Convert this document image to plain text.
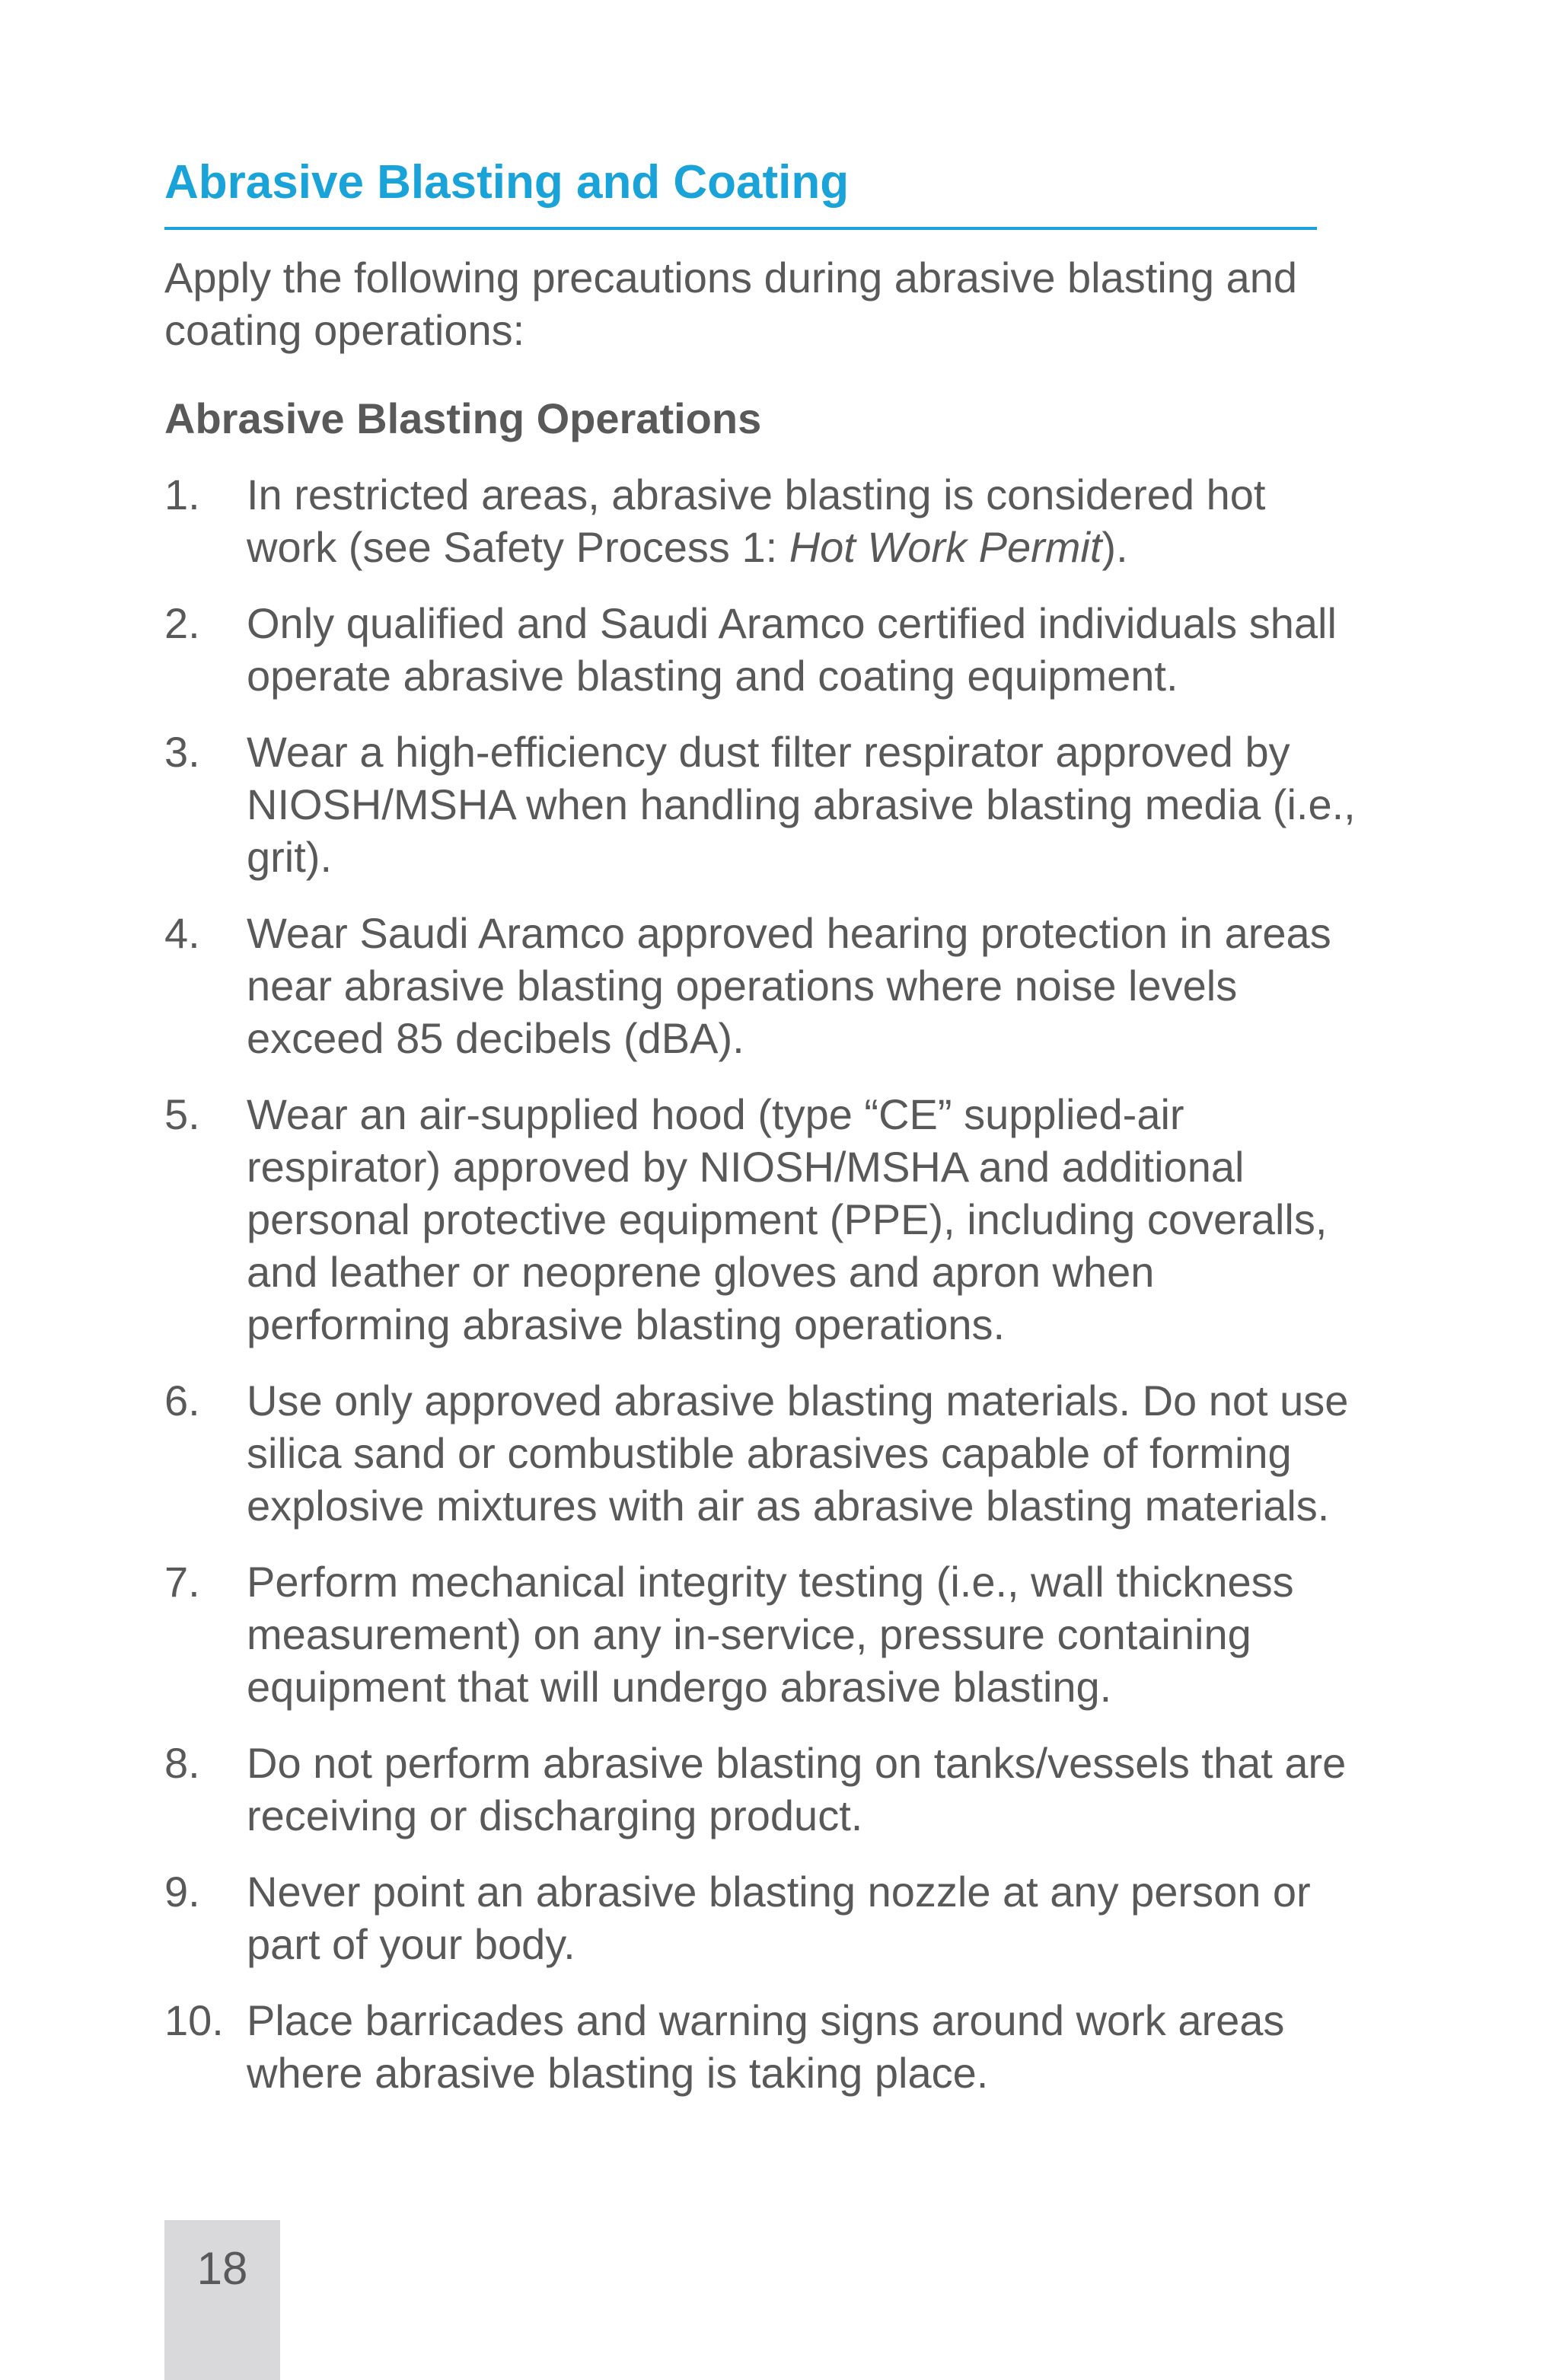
Abrasive Blasting and Coating

Apply the following precautions during abrasive blasting and coating operations:

Abrasive Blasting Operations
1. In restricted areas, abrasive blasting is considered hot work (see Safety Process 1: Hot Work Permit).
2. Only qualified and Saudi Aramco certified individuals shall operate abrasive blasting and coating equipment.
3. Wear a high-efficiency dust filter respirator approved by NIOSH/MSHA when handling abrasive blasting media (i.e., grit).
4. Wear Saudi Aramco approved hearing protection in areas near abrasive blasting operations where noise levels exceed 85 decibels (dBA).
5. Wear an air-supplied hood (type “CE” supplied-air respirator) approved by NIOSH/MSHA and additional personal protective equipment (PPE), including coveralls, and leather or neoprene gloves and apron when performing abrasive blasting operations.
6. Use only approved abrasive blasting materials. Do not use silica sand or combustible abrasives capable of forming explosive mixtures with air as abrasive blasting materials.
7. Perform mechanical integrity testing (i.e., wall thickness measurement) on any in-service, pressure containing equipment that will undergo abrasive blasting.
8. Do not perform abrasive blasting on tanks/vessels that are receiving or discharging product.
9. Never point an abrasive blasting nozzle at any person or part of your body.
10. Place barricades and warning signs around work areas where abrasive blasting is taking place.
18
